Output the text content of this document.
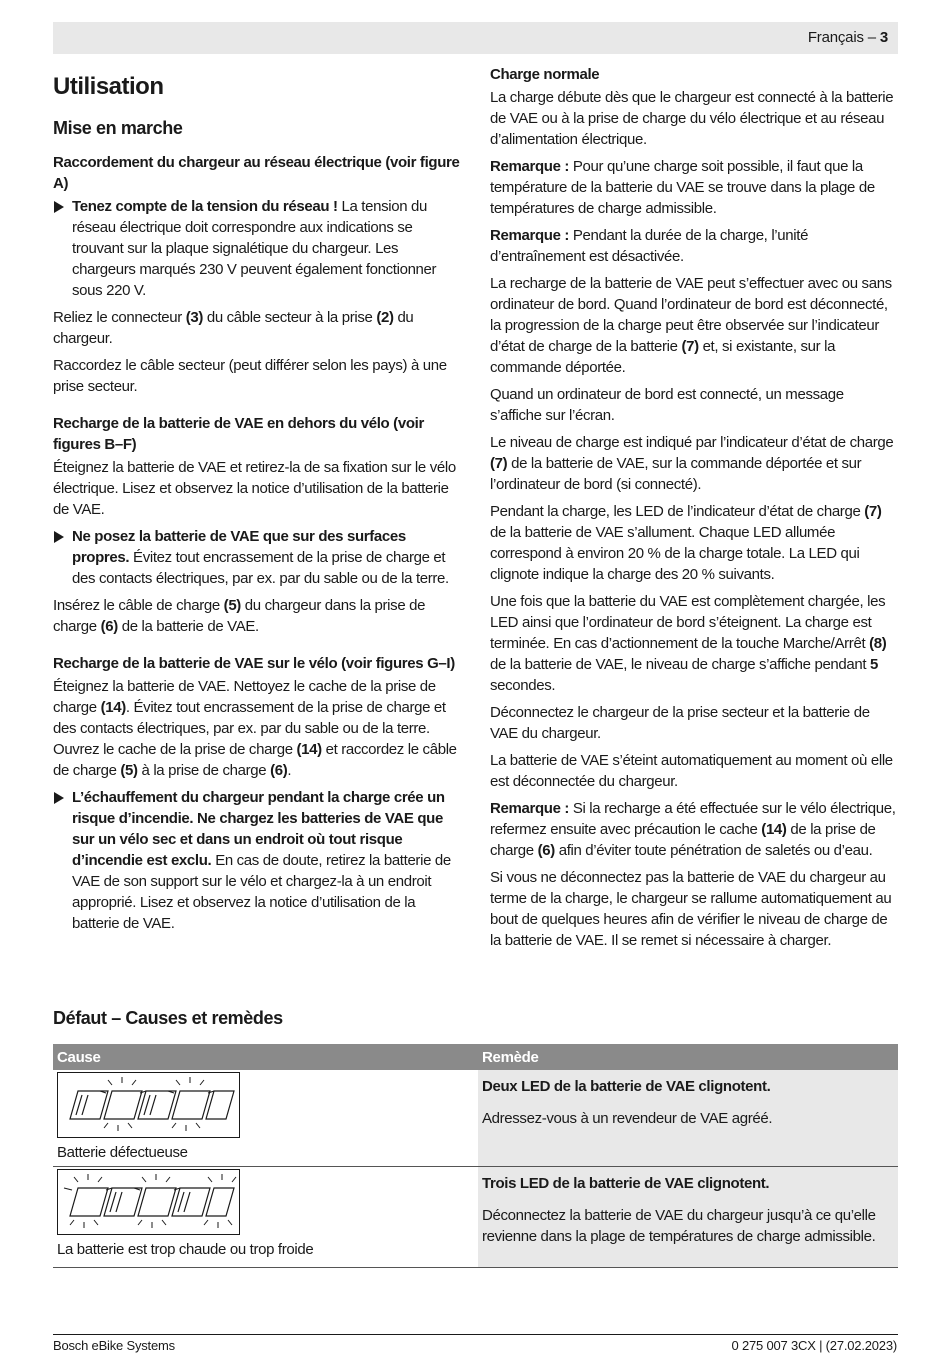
Français – 3
Utilisation
Mise en marche
Raccordement du chargeur au réseau électrique (voir figure A)

Tenez compte de la tension du réseau ! La tension du réseau électrique doit correspondre aux indications se trouvant sur la plaque signalétique du chargeur. Les chargeurs marqués 230 V peuvent également fonctionner sous 220 V.

Reliez le connecteur (3) du câble secteur à la prise (2) du chargeur.

Raccordez le câble secteur (peut différer selon les pays) à une prise secteur.

Recharge de la batterie de VAE en dehors du vélo (voir figures B–F)

Éteignez la batterie de VAE et retirez-la de sa fixation sur le vélo électrique. Lisez et observez la notice d’utilisation de la batterie de VAE.

Ne posez la batterie de VAE que sur des surfaces propres. Évitez tout encrassement de la prise de charge et des contacts électriques, par ex. par du sable ou de la terre.

Insérez le câble de charge (5) du chargeur dans la prise de charge (6) de la batterie de VAE.

Recharge de la batterie de VAE sur le vélo (voir figures G–I)

Éteignez la batterie de VAE. Nettoyez le cache de la prise de charge (14). Évitez tout encrassement de la prise de charge et des contacts électriques, par ex. par du sable ou de la terre. Ouvrez le cache de la prise de charge (14) et raccordez le câble de charge (5) à la prise de charge (6).

L’échauffement du chargeur pendant la charge crée un risque d’incendie. Ne chargez les batteries de VAE que sur un vélo sec et dans un endroit où tout risque d’incendie est exclu. En cas de doute, retirez la batterie de VAE de son support sur le vélo et chargez-la à un endroit approprié. Lisez et observez la notice d’utilisation de la batterie de VAE.

Charge normale

La charge débute dès que le chargeur est connecté à la batterie de VAE ou à la prise de charge du vélo électrique et au réseau d’alimentation électrique.

Remarque : Pour qu’une charge soit possible, il faut que la température de la batterie du VAE se trouve dans la plage de températures de charge admissible.

Remarque : Pendant la durée de la charge, l’unité d’entraînement est désactivée.

La recharge de la batterie de VAE peut s’effectuer avec ou sans ordinateur de bord. Quand l’ordinateur de bord est déconnecté, la progression de la charge peut être observée sur l’indicateur d’état de charge de la batterie (7) et, si existante, sur la commande déportée.

Quand un ordinateur de bord est connecté, un message s’affiche sur l’écran.

Le niveau de charge est indiqué par l’indicateur d’état de charge (7) de la batterie de VAE, sur la commande déportée et sur l’ordinateur de bord (si connecté).

Pendant la charge, les LED de l’indicateur d’état de charge (7) de la batterie de VAE s’allument. Chaque LED allumée correspond à environ 20 % de la charge totale. La LED qui clignote indique la charge des 20 % suivants.

Une fois que la batterie du VAE est complètement chargée, les LED ainsi que l’ordinateur de bord s’éteignent. La charge est terminée. En cas d’actionnement de la touche Marche/Arrêt (8) de la batterie de VAE, le niveau de charge s’affiche pendant 5 secondes.

Déconnectez le chargeur de la prise secteur et la batterie de VAE du chargeur.

La batterie de VAE s’éteint automatiquement au moment où elle est déconnectée du chargeur.

Remarque : Si la recharge a été effectuée sur le vélo électrique, refermez ensuite avec précaution le cache (14) de la prise de charge (6) afin d’éviter toute pénétration de saletés ou d’eau.

Si vous ne déconnectez pas la batterie de VAE du chargeur au terme de la charge, le chargeur se rallume automatiquement au bout de quelques heures afin de vérifier le niveau de charge de la batterie de VAE. Il se remet si nécessaire à charger.

Défaut – Causes et remèdes
Cause	Remède

Batterie défectueuse	Deux LED de la batterie de VAE clignotent.

Adressez-vous à un revendeur de VAE agréé.

La batterie est trop chaude ou trop froide	Trois LED de la batterie de VAE clignotent.

Déconnectez la batterie de VAE du chargeur jusqu’à ce qu’elle revienne dans la plage de températures de charge admissible.

Bosch eBike Systems	0 275 007 3CX | (27.02.2023)
